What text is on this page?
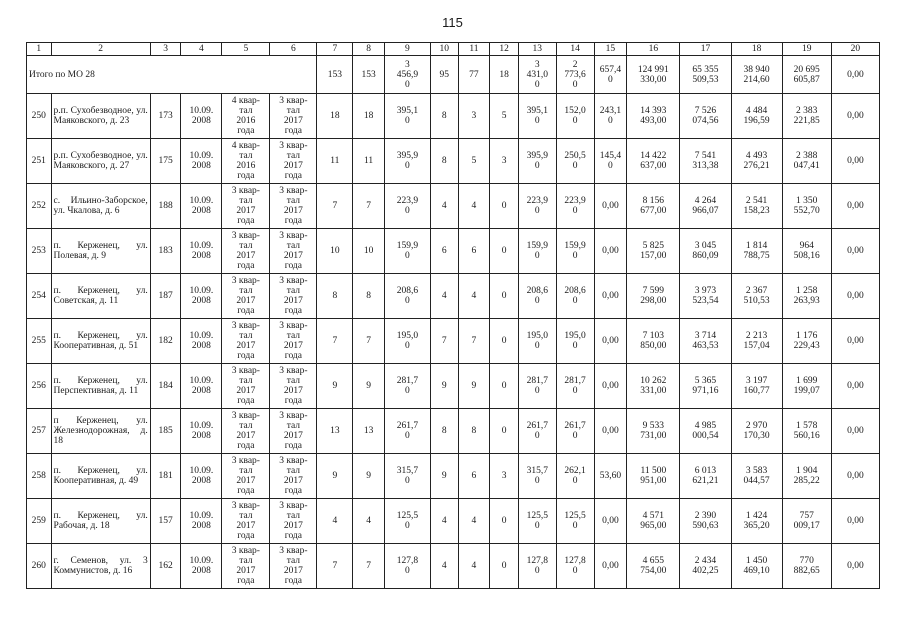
115
1	2	3	4	5	6	7	8	9	10	11	12	13	14	15	16	17	18	19	20
Итого по МО 28						153	153	3
456,9
0	95	77	18	3
431,0
0	2
773,6
0	657,4
0	124 991
330,00	65 355
509,53	38 940
214,60	20 695
605,87	0,00
250	р.п. Сухобезводное, ул. Маяковского, д. 23	173	10.09.
2008	4 квар-
тал
2016
года	3 квар-
тал
2017
года	18	18	395,1
0	8	3	5	395,1
0	152,0
0	243,1
0	14 393
493,00	7 526
074,56	4 484
196,59	2 383
221,85	0,00
251	р.п. Сухобезводное, ул. Маяковского, д. 27	175	10.09.
2008	4 квар-
тал
2016
года	3 квар-
тал
2017
года	11	11	395,9
0	8	5	3	395,9
0	250,5
0	145,4
0	14 422
637,00	7 541
313,38	4 493
276,21	2 388
047,41	0,00
252	с. Ильино-Заборское, ул. Чкалова, д. 6	188	10.09.
2008	3 квар-
тал
2017
года	3 квар-
тал
2017
года	7	7	223,9
0	4	4	0	223,9
0	223,9
0	0,00	8 156
677,00	4 264
966,07	2 541
158,23	1 350
552,70	0,00
253	п. Керженец, ул. Полевая, д. 9	183	10.09.
2008	3 квар-
тал
2017
года	3 квар-
тал
2017
года	10	10	159,9
0	6	6	0	159,9
0	159,9
0	0,00	5 825
157,00	3 045
860,09	1 814
788,75	964
508,16	0,00
254	п. Керженец, ул. Советская, д. 11	187	10.09.
2008	3 квар-
тал
2017
года	3 квар-
тал
2017
года	8	8	208,6
0	4	4	0	208,6
0	208,6
0	0,00	7 599
298,00	3 973
523,54	2 367
510,53	1 258
263,93	0,00
255	п. Керженец, ул. Кооперативная, д. 51	182	10.09.
2008	3 квар-
тал
2017
года	3 квар-
тал
2017
года	7	7	195,0
0	7	7	0	195,0
0	195,0
0	0,00	7 103
850,00	3 714
463,53	2 213
157,04	1 176
229,43	0,00
256	п. Керженец, ул. Перспективная, д. 11	184	10.09.
2008	3 квар-
тал
2017
года	3 квар-
тал
2017
года	9	9	281,7
0	9	9	0	281,7
0	281,7
0	0,00	10 262
331,00	5 365
971,16	3 197
160,77	1 699
199,07	0,00
257	п Керженец, ул. Железнодорожная, д. 18	185	10.09.
2008	3 квар-
тал
2017
года	3 квар-
тал
2017
года	13	13	261,7
0	8	8	0	261,7
0	261,7
0	0,00	9 533
731,00	4 985
000,54	2 970
170,30	1 578
560,16	0,00
258	п. Керженец, ул. Кооперативная, д. 49	181	10.09.
2008	3 квар-
тал
2017
года	3 квар-
тал
2017
года	9	9	315,7
0	9	6	3	315,7
0	262,1
0	53,60	11 500
951,00	6 013
621,21	3 583
044,57	1 904
285,22	0,00
259	п. Керженец, ул. Рабочая, д. 18	157	10.09.
2008	3 квар-
тал
2017
года	3 квар-
тал
2017
года	4	4	125,5
0	4	4	0	125,5
0	125,5
0	0,00	4 571
965,00	2 390
590,63	1 424
365,20	757
009,17	0,00
260	г. Семенов, ул. 3 Коммунистов, д. 16	162	10.09.
2008	3 квар-
тал
2017
года	3 квар-
тал
2017
года	7	7	127,8
0	4	4	0	127,8
0	127,8
0	0,00	4 655
754,00	2 434
402,25	1 450
469,10	770
882,65	0,00
